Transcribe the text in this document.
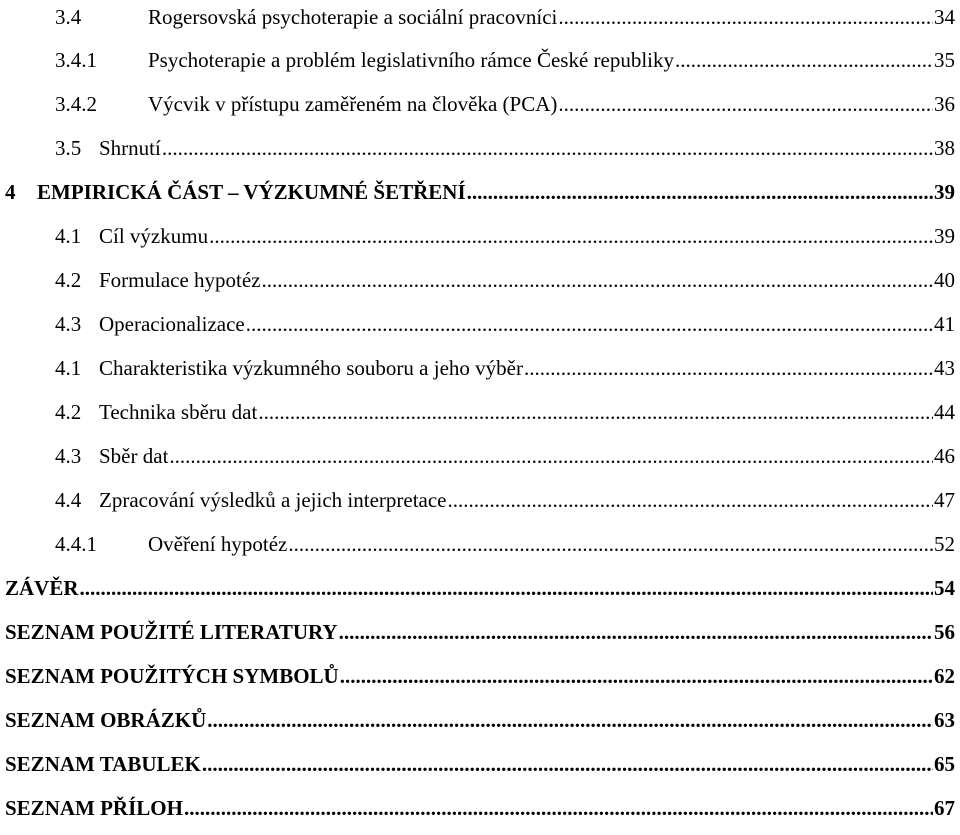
3.4	Rogersovská psychoterapie a sociální pracovníci .....	34
3.4.1	Psychoterapie a problém legislativního rámce České republiky .....	35
3.4.2	Výcvik v přístupu zaměřeném na člověka (PCA) .....	36
3.5 Shrnutí .....	38
4	EMPIRICKÁ ČÁST – VÝZKUMNÉ ŠETŘENÍ .....	39
4.1 Cíl výzkumu .....	39
4.2 Formulace hypotéz .....	40
4.3 Operacionalizace .....	41
4.1 Charakteristika výzkumného souboru a jeho výběr .....	43
4.2 Technika sběru dat .....	44
4.3 Sběr dat .....	46
4.4 Zpracování výsledků a jejich interpretace .....	47
4.4.1	Ověření hypotéz .....	52
ZÁVĚR .....	54
SEZNAM POUŽITÉ LITERATURY .....	56
SEZNAM POUŽITÝCH SYMBOLŮ .....	62
SEZNAM OBRÁZKŮ .....	63
SEZNAM TABULEK .....	65
SEZNAM PŘÍLOH .....	67
